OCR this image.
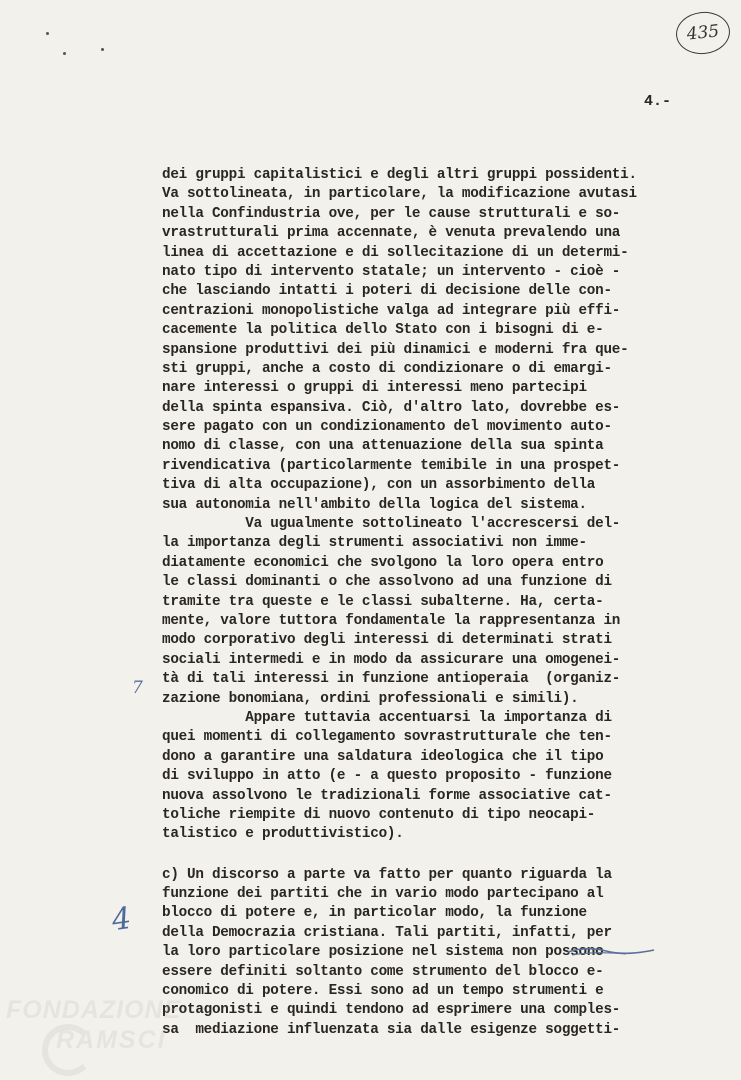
435
4.-
dei gruppi capitalistici e degli altri gruppi possidenti.
Va sottolineata, in particolare, la modificazione avutasi
nella Confindustria ove, per le cause strutturali e so-
vrastrutturali prima accennate, è venuta prevalendo una
linea di accettazione e di sollecitazione di un determi-
nato tipo di intervento statale; un intervento - cioè -
che lasciando intatti i poteri di decisione delle con-
centrazioni monopolistiche valga ad integrare più effi-
cacemente la politica dello Stato con i bisogni di e-
spansione produttivi dei più dinamici e moderni fra que-
sti gruppi, anche a costo di condizionare o di emargi-
nare interessi o gruppi di interessi meno partecipi
della spinta espansiva. Ciò, d'altro lato, dovrebbe es-
sere pagato con un condizionamento del movimento auto-
nomo di classe, con una attenuazione della sua spinta
rivendicativa (particolarmente temibile in una prospet-
tiva di alta occupazione), con un assorbimento della
sua autonomia nell'ambito della logica del sistema.
Va ugualmente sottolineato l'accrescersi del-
la importanza degli strumenti associativi non imme-
diatamente economici che svolgono la loro opera entro
le classi dominanti o che assolvono ad una funzione di
tramite tra queste e le classi subalterne. Ha, certa-
mente, valore tuttora fondamentale la rappresentanza in
modo corporativo degli interessi di determinati strati
sociali intermedi e in modo da assicurare una omogenei-
tà di tali interessi in funzione antioperaia  (organiz-
zazione bonomiana, ordini professionali e simili).
Appare tuttavia accentuarsi la importanza di
quei momenti di collegamento sovrastrutturale che ten-
dono a garantire una saldatura ideologica che il tipo
di sviluppo in atto (e - a questo proposito - funzione
nuova assolvono le tradizionali forme associative cat-
toliche riempite di nuovo contenuto di tipo neocapi-
talistico e produttivistico).
c) Un discorso a parte va fatto per quanto riguarda la
funzione dei partiti che in vario modo partecipano al
blocco di potere e, in particolar modo, la funzione
della Democrazia cristiana. Tali partiti, infatti, per
la loro particolare posizione nel sistema non possono
essere definiti soltanto come strumento del blocco e-
conomico di potere. Essi sono ad un tempo strumenti e
protagonisti e quindi tendono ad esprimere una comples-
sa  mediazione influenzata sia dalle esigenze soggetti-
7
4
FONDAZIONE
RAMSCI
